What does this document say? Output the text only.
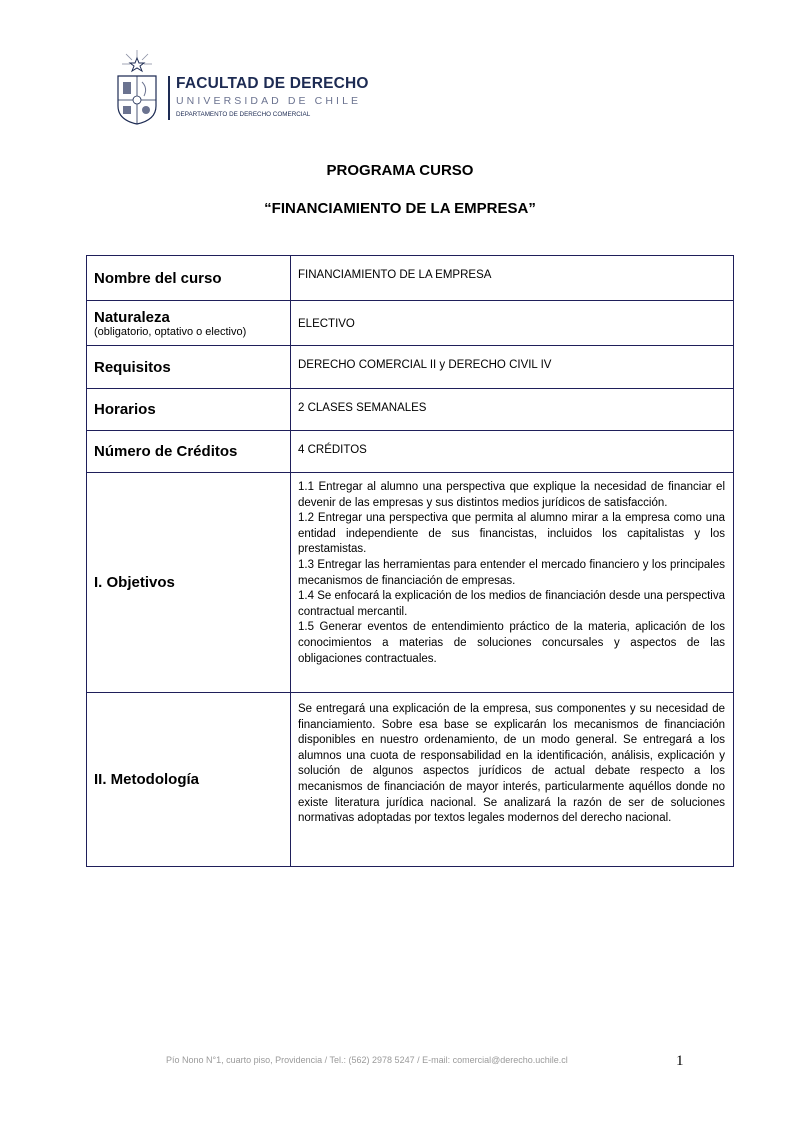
FACULTAD DE DERECHO
UNIVERSIDAD DE CHILE
DEPARTAMENTO DE DERECHO COMERCIAL
PROGRAMA CURSO
“FINANCIAMIENTO DE LA EMPRESA”
Nombre del curso	FINANCIAMIENTO DE LA EMPRESA
Naturaleza
(obligatorio, optativo o electivo)	ELECTIVO
Requisitos	DERECHO COMERCIAL II y DERECHO CIVIL IV
Horarios	2 CLASES SEMANALES
Número de Créditos	4 CRÉDITOS
I. Objetivos	1.1 Entregar al alumno una perspectiva que explique la necesidad de financiar el devenir de las empresas y sus distintos medios jurídicos de satisfacción.
1.2 Entregar una perspectiva que permita al alumno mirar a la empresa como una entidad independiente de sus financistas, incluidos los capitalistas y los prestamistas.
1.3 Entregar las herramientas para entender el mercado financiero y los principales mecanismos de financiación de empresas.
1.4 Se enfocará la explicación de los medios de financiación desde una perspectiva contractual mercantil.
1.5 Generar eventos de entendimiento práctico de la materia, aplicación de los conocimientos a materias de soluciones concursales y aspectos de las obligaciones contractuales.

II. Metodología	Se entregará una explicación de la empresa, sus componentes y su necesidad de financiamiento. Sobre esa base se explicarán los mecanismos de financiación disponibles en nuestro ordenamiento, de un modo general. Se entregará a los alumnos una cuota de responsabilidad en la identificación, análisis, explicación y solución de algunos aspectos jurídicos de actual debate respecto a los mecanismos de financiación de mayor interés, particularmente aquéllos donde no existe literatura jurídica nacional. Se analizará la razón de ser de soluciones normativas adoptadas por textos legales modernos del derecho nacional.
Pío Nono N°1, cuarto piso, Providencia / Tel.: (562) 2978 5247 / E-mail: comercial@derecho.uchile.cl	1
